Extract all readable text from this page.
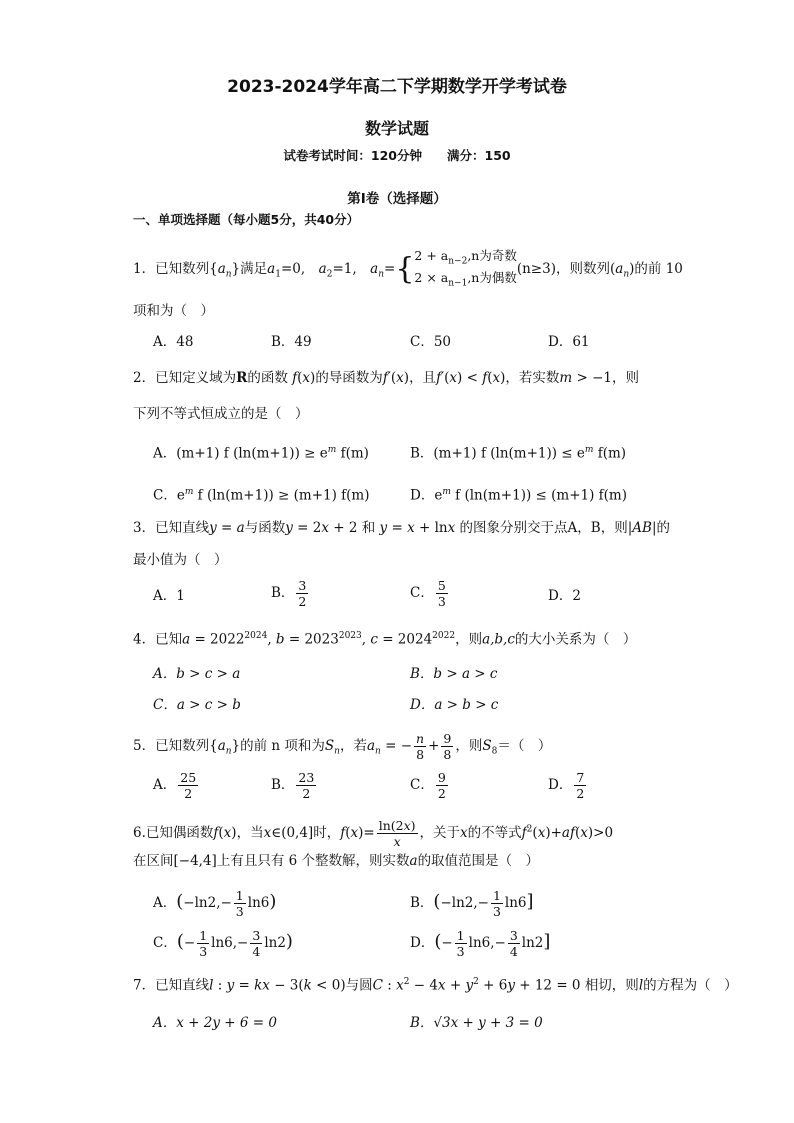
2023-2024学年高二下学期数学开学考试卷
数学试题
试卷考试时间：120分钟　　满分：150
第I卷（选择题）
一、单项选择题（每小题5分，共40分）
1．已知数列$\{a_n\}$满足$a_1=0$,　$a_2=1$,　$a_n=\{2 + a_{n-2},n$为奇数
$2 \times a_{n-1},n$为偶数(n≥3)，则数列$(a_n)$的前 10
项和为（　）
A．48	B．49	C．50	D．61
2．已知定义域为R的函数 f(x)的导函数为f′(x)，且f′(x) < f(x)，若实数m > −1，则
下列不等式恒成立的是（　）
A．(m+1) f $(\ln(m+1)) \ge e^m$ f(m)	B．(m+1) f $(\ln(m+1)) \le e^m$ f(m)
C．$e^m$ f (ln(m+1)) ≥ (m+1) f(m)	D．$e^m$ f (ln(m+1)) ≤ (m+1) f(m)
3．已知直线y = a与函数y = 2x + 2 和 y = x + lnx 的图象分别交于点A，B，则|AB|的
最小值为（　）
A．1	B． $\frac{3}{2}$	C． $\frac{5}{3}$	D．2
4．已知$a = 2022^{2024}$, $b = 2023^{2023}$, $c = 2024^{2022}$，则a,b,c的大小关系为（　）
A．b > c > a	B．b > a > c
C．a > c > b	D．a > b > c
5．已知数列$\{a_n\}$的前 n 项和为$S_n$，若$a_n$ = − $\frac{n}{8} + \frac{9}{8}$ ，则$S_8=$（　）
A． $\frac{25}{2}$	B． $\frac{23}{2}$	C． $\frac{9}{2}$	D． $\frac{7}{2}$
6.已知偶函数f(x)，当x∈(0,4]时，$f(x)= \frac{\ln(2x)}{x}$ ，关于x的不等式$f^2(x)+af(x)>0$
在区间[−4,4]上有且只有 6 个整数解，则实数a的取值范围是（　）
A．$(-\ln 2,- \frac{1}{3} \ln 6)$	B．$(-\ln 2,- \frac{1}{3} \ln 6]$
C．(− $\frac{1}{3} \ln 6,- \frac{3}{4} \ln 2$)	D．(− $\frac{1}{3} \ln 6,- \frac{3}{4} \ln 2$]
7．已知直线l : y = kx − 3(k < 0)与圆C : $x^2 - 4x + y^2 + 6y + 12 = 0$ 相切，则l的方程为（　）
A．x + 2y + 6 = 0	B．√3x + y + 3 = 0
